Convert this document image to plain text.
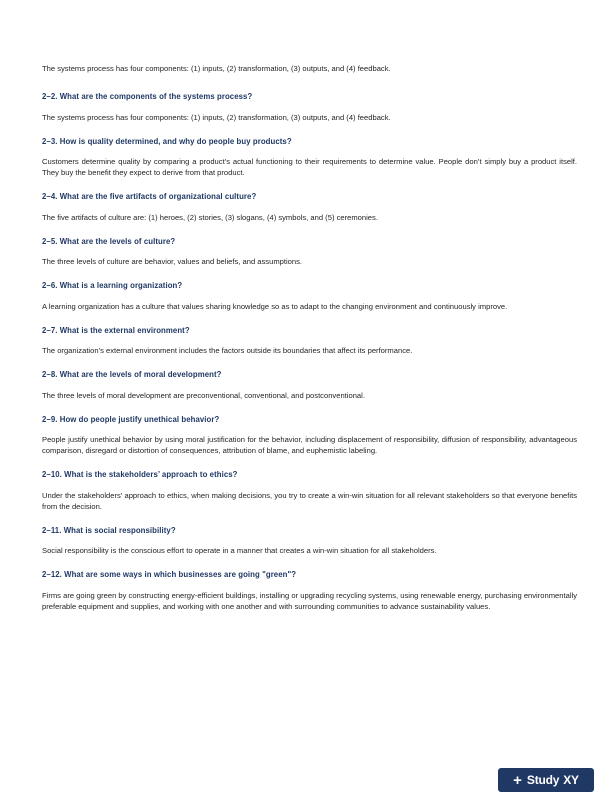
The systems process has four components: (1) inputs, (2) transformation, (3) outputs, and (4) feedback.

2–2. What are the components of the systems process?

The systems process has four components: (1) inputs, (2) transformation, (3) outputs, and (4) feedback.

2–3. How is quality determined, and why do people buy products?

Customers determine quality by comparing a product’s actual functioning to their requirements to determine value. People don’t simply buy a product itself. They buy the benefit they expect to derive from that product.

2–4. What are the five artifacts of organizational culture?

The five artifacts of culture are: (1) heroes, (2) stories, (3) slogans, (4) symbols, and (5) ceremonies.

2–5. What are the levels of culture?

The three levels of culture are behavior, values and beliefs, and assumptions.

2–6. What is a learning organization?

A learning organization has a culture that values sharing knowledge so as to adapt to the changing environment and continuously improve.

2–7. What is the external environment?

The organization’s external environment includes the factors outside its boundaries that affect its performance.

2–8. What are the levels of moral development?

The three levels of moral development are preconventional, conventional, and postconventional.

2–9. How do people justify unethical behavior?

People justify unethical behavior by using moral justification for the behavior, including displacement of responsibility, diffusion of responsibility, advantageous comparison, disregard or distortion of consequences, attribution of blame, and euphemistic labeling.

2–10. What is the stakeholders’ approach to ethics?

Under the stakeholders’ approach to ethics, when making decisions, you try to create a win-win situation for all relevant stakeholders so that everyone benefits from the decision.

2–11. What is social responsibility?

Social responsibility is the conscious effort to operate in a manner that creates a win-win situation for all stakeholders.

2–12. What are some ways in which businesses are going "green"?

Firms are going green by constructing energy-efficient buildings, installing or upgrading recycling systems, using renewable energy, purchasing environmentally preferable equipment and supplies, and working with one another and with surrounding communities to advance sustainability values.

+ Study XY
